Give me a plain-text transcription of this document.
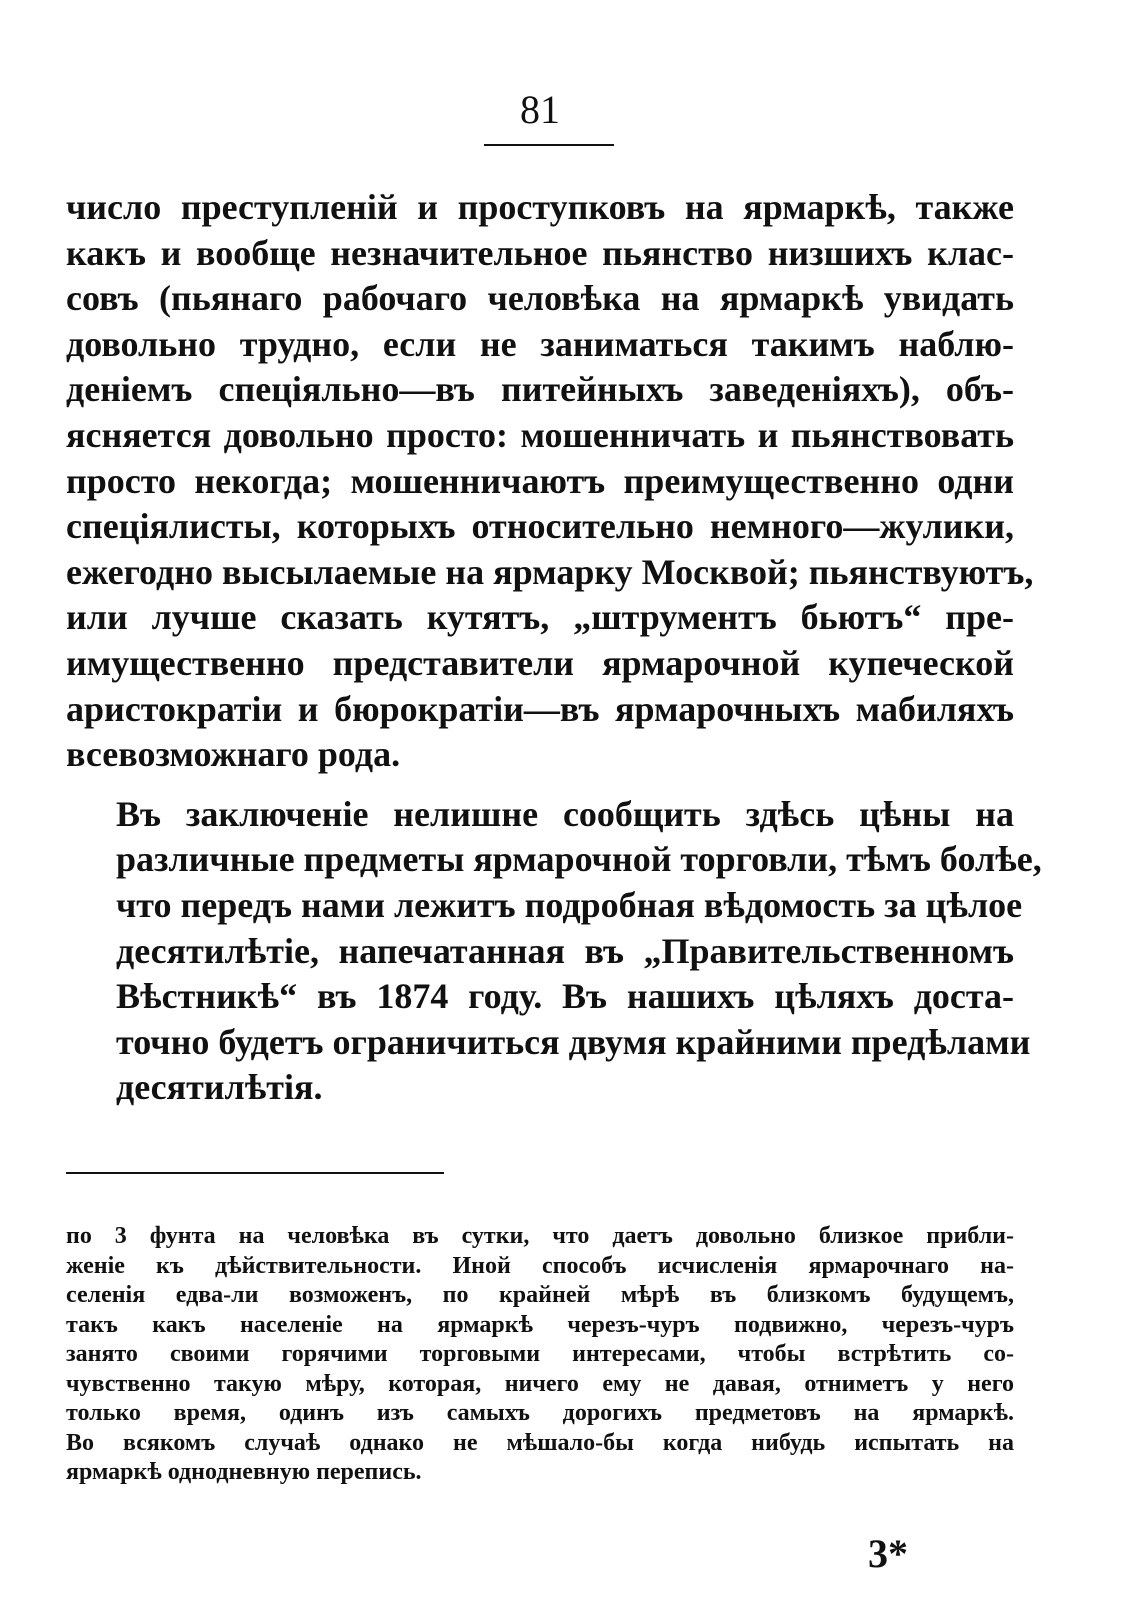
81

число преступленій и проступковъ на ярмаркѣ, также
какъ и вообще незначительное пьянство низшихъ клас-
совъ (пьянаго рабочаго человѣка на ярмаркѣ увидать
довольно трудно, если не заниматься такимъ наблю-
деніемъ спеціяльно—въ питейныхъ заведеніяхъ), объ-
ясняется довольно просто: мошенничать и пьянствовать
просто некогда; мошенничаютъ преимущественно одни
спеціялисты, которыхъ относительно немного—жулики,
ежегодно высылаемые на ярмарку Москвой; пьянствуютъ,
или лучше сказать кутятъ, „штрументъ бьютъ“ пре-
имущественно представители ярмарочной купеческой
аристократіи и бюрократіи—въ ярмарочныхъ мабиляхъ
всевозможнаго рода.

Въ заключеніе нелишне сообщить здѣсь цѣны на
различные предметы ярмарочной торговли, тѣмъ болѣе,
что передъ нами лежитъ подробная вѣдомость за цѣлое
десятилѣтіе, напечатанная въ „Правительственномъ
Вѣстникѣ“ въ 1874 году. Въ нашихъ цѣляхъ доста-
точно будетъ ограничиться двумя крайними предѣлами
десятилѣтія.

по 3 фунта на человѣка въ сутки, что даетъ довольно близкое прибли-
женіе къ дѣйствительности. Иной способъ исчисленія ярмарочнаго на-
селенія едва-ли возможенъ, по крайней мѣрѣ въ близкомъ будущемъ,
такъ какъ населеніе на ярмаркѣ черезъ-чуръ подвижно, черезъ-чуръ
занято своими горячими торговыми интересами, чтобы встрѣтить со-
чувственно такую мѣру, которая, ничего ему не давая, отниметъ у него
только время, одинъ изъ самыхъ дорогихъ предметовъ на ярмаркѣ.
Во всякомъ случаѣ однако не мѣшало-бы когда нибудь испытать на
ярмаркѣ однодневную перепись.
3*
